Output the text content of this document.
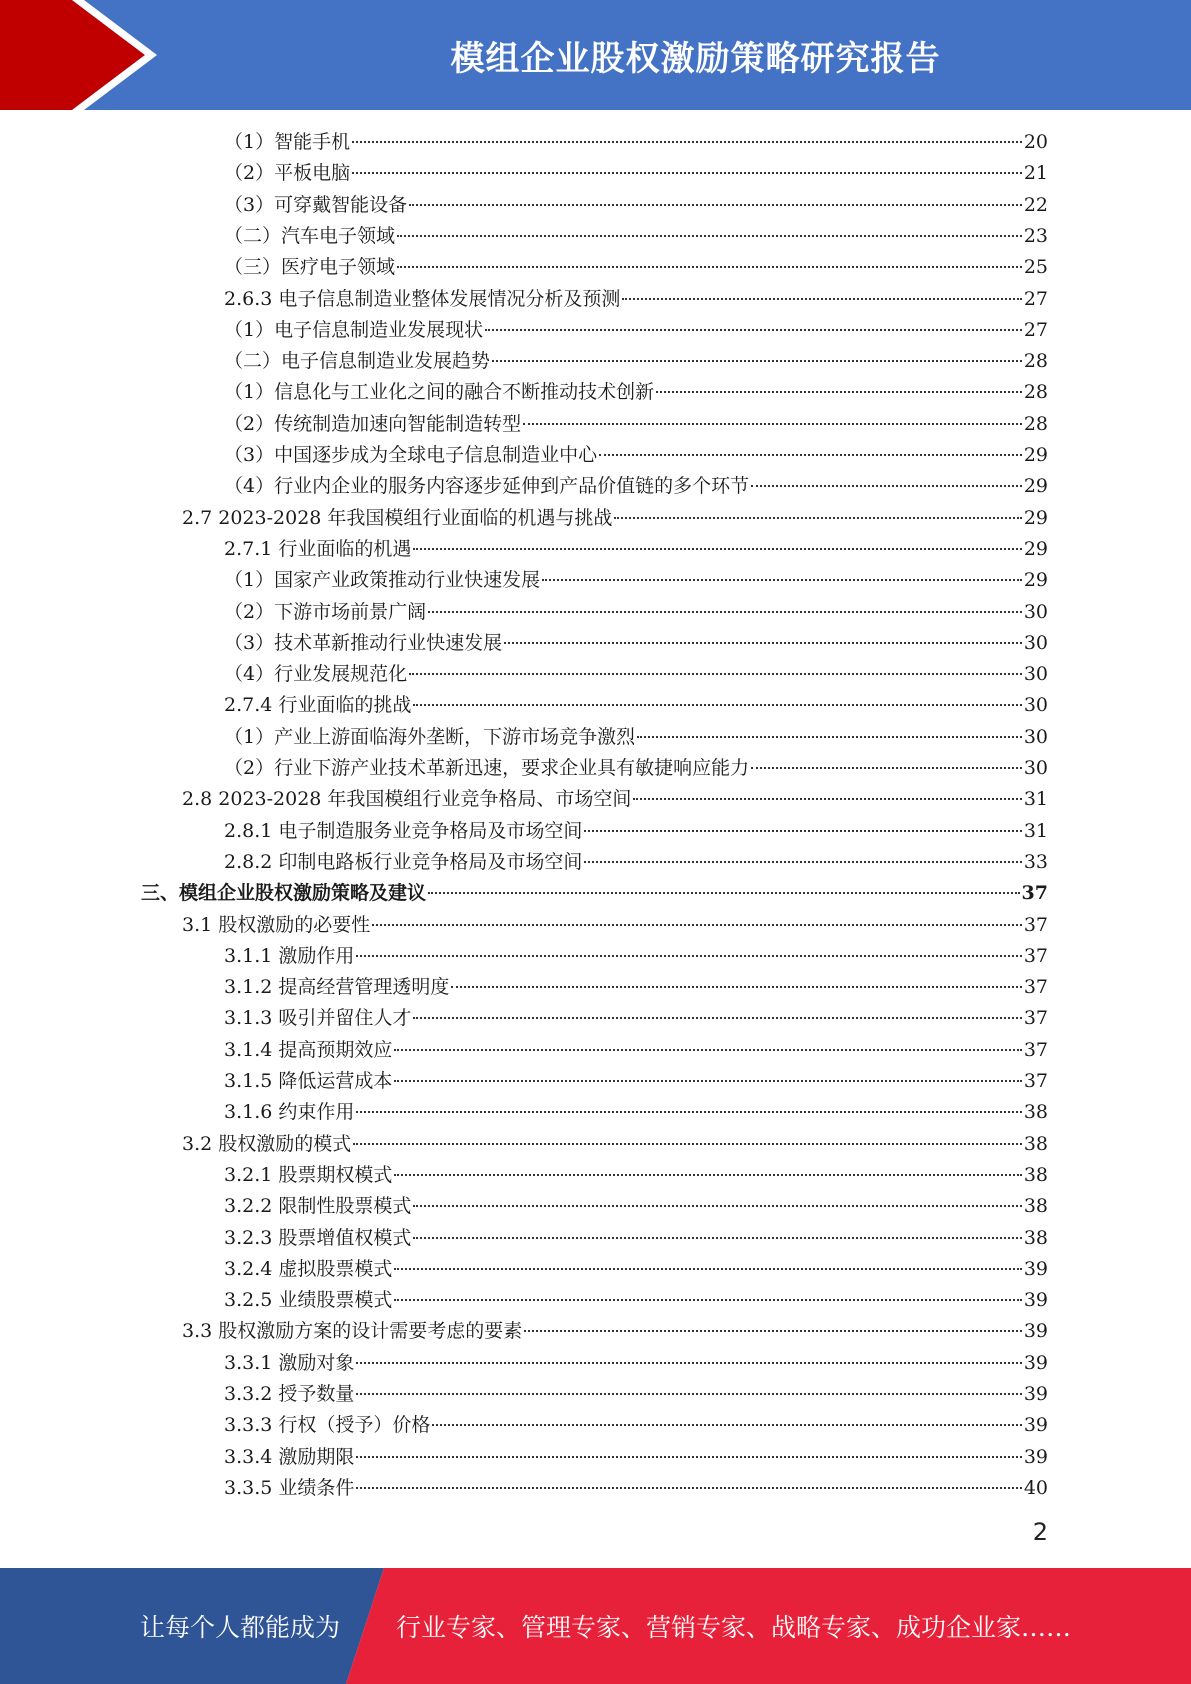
模组企业股权激励策略研究报告
（1）智能手机	20
（2）平板电脑	21
（3）可穿戴智能设备	22
（二）汽车电子领域	23
（三）医疗电子领域	25
2.6.3 电子信息制造业整体发展情况分析及预测	27
（1）电子信息制造业发展现状	27
（二）电子信息制造业发展趋势	28
（1）信息化与工业化之间的融合不断推动技术创新	28
（2）传统制造加速向智能制造转型	28
（3）中国逐步成为全球电子信息制造业中心	29
（4）行业内企业的服务内容逐步延伸到产品价值链的多个环节	29
2.7 2023-2028 年我国模组行业面临的机遇与挑战	29
2.7.1 行业面临的机遇	29
（1）国家产业政策推动行业快速发展	29
（2）下游市场前景广阔	30
（3）技术革新推动行业快速发展	30
（4）行业发展规范化	30
2.7.4 行业面临的挑战	30
（1）产业上游面临海外垄断，下游市场竞争激烈	30
（2）行业下游产业技术革新迅速，要求企业具有敏捷响应能力	30
2.8 2023-2028 年我国模组行业竞争格局、市场空间	31
2.8.1 电子制造服务业竞争格局及市场空间	31
2.8.2 印制电路板行业竞争格局及市场空间	33
三、模组企业股权激励策略及建议	37
3.1 股权激励的必要性	37
3.1.1 激励作用	37
3.1.2 提高经营管理透明度	37
3.1.3 吸引并留住人才	37
3.1.4 提高预期效应	37
3.1.5 降低运营成本	37
3.1.6 约束作用	38
3.2 股权激励的模式	38
3.2.1 股票期权模式	38
3.2.2 限制性股票模式	38
3.2.3 股票增值权模式	38
3.2.4 虚拟股票模式	39
3.2.5 业绩股票模式	39
3.3 股权激励方案的设计需要考虑的要素	39
3.3.1 激励对象	39
3.3.2 授予数量	39
3.3.3 行权（授予）价格	39
3.3.4 激励期限	39
3.3.5 业绩条件	40
2
让每个人都能成为 行业专家、管理专家、营销专家、战略专家、成功企业家……
